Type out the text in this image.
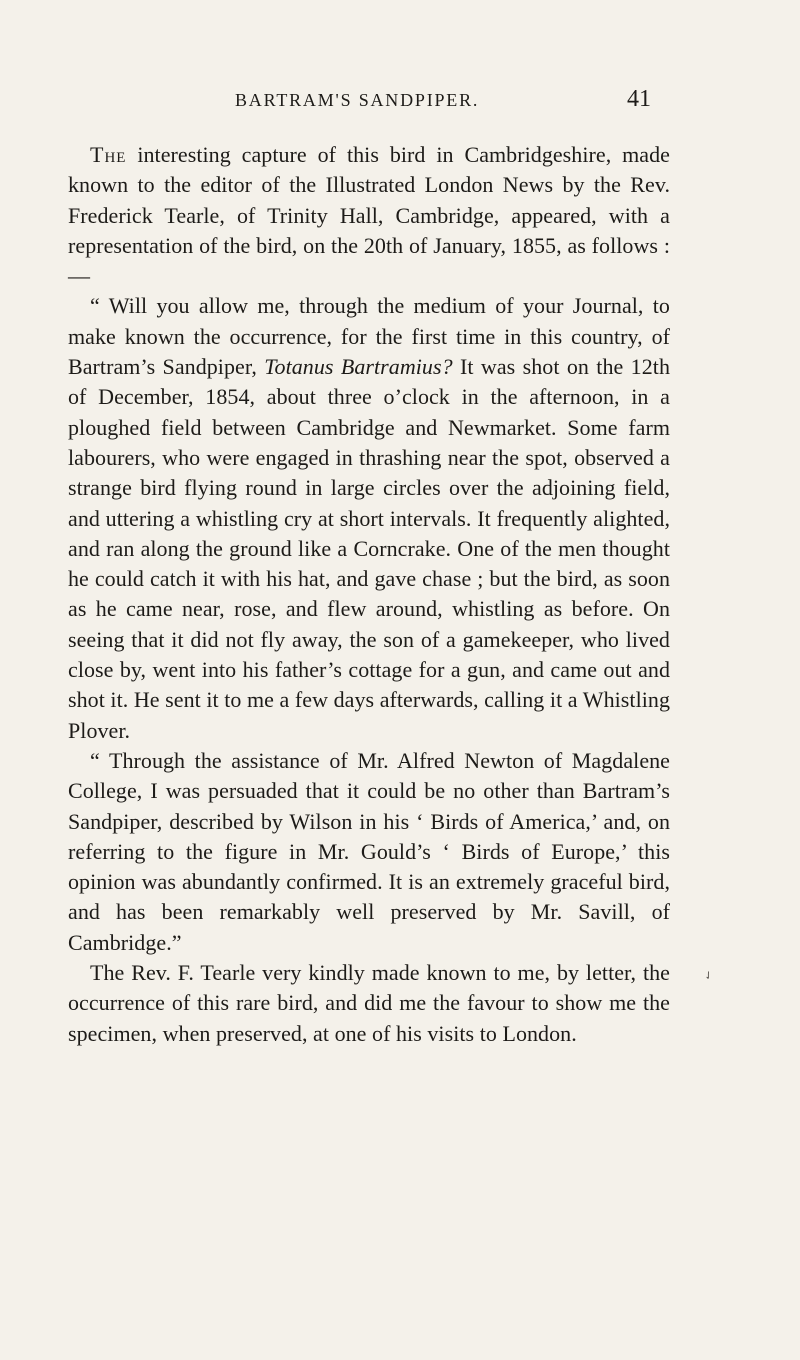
BARTRAM'S SANDPIPER.	41

The interesting capture of this bird in Cambridgeshire, made known to the editor of the Illustrated London News by the Rev. Frederick Tearle, of Trinity Hall, Cambridge, appeared, with a representation of the bird, on the 20th of January, 1855, as follows :—

“ Will you allow me, through the medium of your Journal, to make known the occurrence, for the first time in this country, of Bartram’s Sandpiper, Totanus Bartramius? It was shot on the 12th of December, 1854, about three o’clock in the afternoon, in a ploughed field between Cambridge and Newmarket. Some farm labourers, who were engaged in thrashing near the spot, observed a strange bird flying round in large circles over the adjoining field, and uttering a whistling cry at short intervals. It frequently alighted, and ran along the ground like a Corncrake. One of the men thought he could catch it with his hat, and gave chase ; but the bird, as soon as he came near, rose, and flew around, whistling as before. On seeing that it did not fly away, the son of a gamekeeper, who lived close by, went into his father’s cottage for a gun, and came out and shot it. He sent it to me a few days afterwards, calling it a Whistling Plover.

“ Through the assistance of Mr. Alfred Newton of Magdalene College, I was persuaded that it could be no other than Bartram’s Sandpiper, described by Wilson in his ‘ Birds of America,’ and, on referring to the figure in Mr. Gould’s ‘ Birds of Europe,’ this opinion was abundantly confirmed. It is an extremely graceful bird, and has been remarkably well preserved by Mr. Savill, of Cambridge.”

The Rev. F. Tearle very kindly made known to me, by letter, the occurrence of this rare bird, and did me the favour to show me the specimen, when preserved, at one of his visits to London.

✓
